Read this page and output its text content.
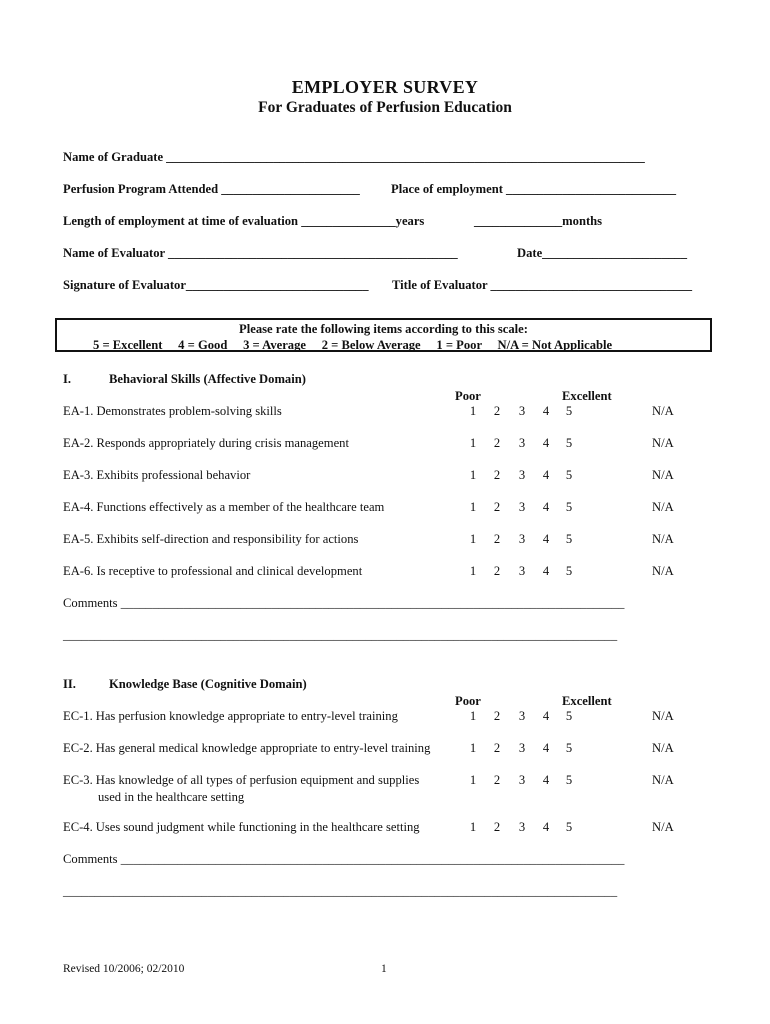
EMPLOYER SURVEY
For Graduates of Perfusion Education
Name of Graduate ____________________________________________________________________________
Perfusion Program Attended ______________________ Place of employment ___________________________
Length of employment at time of evaluation _______________years	______________months
Name of Evaluator ______________________________________________	Date_______________________
Signature of Evaluator_____________________________ Title of Evaluator ________________________________
Please rate the following items according to this scale:
5 = Excellent     4 = Good     3 = Average     2 = Below Average     1 = Poor     N/A = Not Applicable
I.	Behavioral Skills (Affective Domain)
Poor	Excellent
EA-1. Demonstrates problem-solving skills	1	2	3	4	5	N/A
EA-2. Responds appropriately during crisis management	1	2	3	4	5	N/A
EA-3. Exhibits professional behavior	1	2	3	4	5	N/A
EA-4. Functions effectively as a member of the healthcare team	1	2	3	4	5	N/A
EA-5. Exhibits self-direction and responsibility for actions	1	2	3	4	5	N/A
EA-6. Is receptive to professional and clinical development	1	2	3	4	5	N/A
Comments ________________________________________________________________________________
________________________________________________________________________________________
II.	Knowledge Base (Cognitive Domain)
Poor	Excellent
EC-1. Has perfusion knowledge appropriate to entry-level training	1	2	3	4	5	N/A
EC-2. Has general medical knowledge appropriate to entry-level training	1	2	3	4	5	N/A
EC-3. Has knowledge of all types of perfusion equipment and supplies
used in the healthcare setting
1	2	3	4	5	N/A
EC-4. Uses sound judgment while functioning in the healthcare setting	1	2	3	4	5	N/A
Comments ________________________________________________________________________________
________________________________________________________________________________________
Revised 10/2006; 02/2010	1
